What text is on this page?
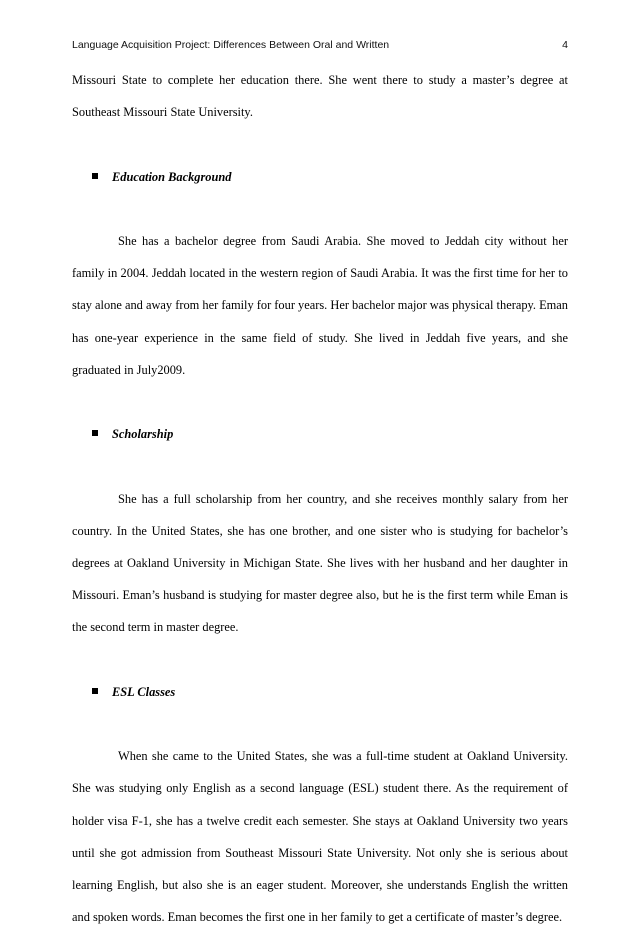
Language Acquisition Project: Differences Between Oral and Written	4

Missouri State to complete her education there. She went there to study a master’s degree at Southeast Missouri State University.

Education Background

She has a bachelor degree from Saudi Arabia. She moved to Jeddah city without her family in 2004. Jeddah located in the western region of Saudi Arabia. It was the first time for her to stay alone and away from her family for four years. Her bachelor major was physical therapy. Eman has one-year experience in the same field of study. She lived in Jeddah five years, and she graduated in July2009.

Scholarship

She has a full scholarship from her country, and she receives monthly salary from her country. In the United States, she has one brother, and one sister who is studying for bachelor’s degrees at Oakland University in Michigan State. She lives with her husband and her daughter in Missouri. Eman’s husband is studying for master degree also, but he is the first term while Eman is the second term in master degree.

ESL Classes

When she came to the United States, she was a full-time student at Oakland University. She was studying only English as a second language (ESL) student there. As the requirement of holder visa F-1, she has a twelve credit each semester. She stays at Oakland University two years until she got admission from Southeast Missouri State University. Not only she is serious about learning English, but also she is an eager student. Moreover, she understands English the written and spoken words. Eman becomes the first one in her family to get a certificate of master’s degree.
